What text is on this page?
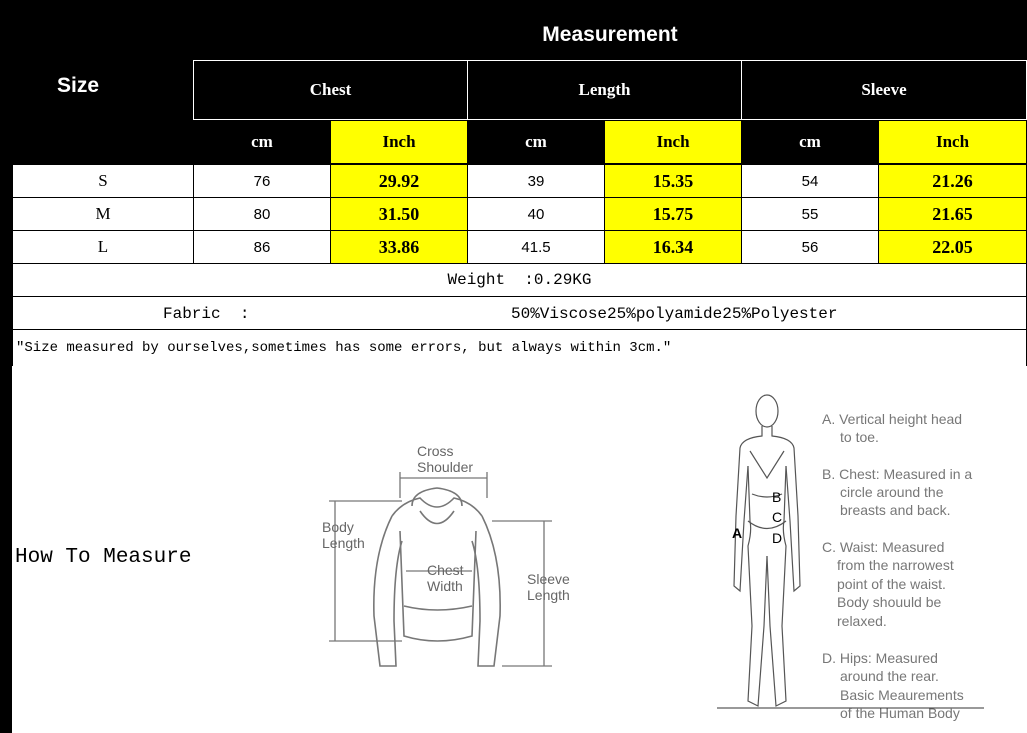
Size
Measurement
Chest	Length	Sleeve
cm	Inch	cm	Inch	cm	Inch
S	76	29.92	39	15.35	54	21.26
M	80	31.50	40	15.75	55	21.65
L	86	33.86	41.5	16.34	56	22.05
Weight  :0.29KG
Fabric  :	50%Viscose25%polyamide25%Polyester
"Size measured by ourselves,sometimes has some errors, but always within 3cm."
How To Measure
Cross
Shoulder
Body
Length
Chest
Width	Sleeve
Length
A
B
C
D
A. Vertical height head
to toe.
B. Chest: Measured in a
circle around the
breasts and back.
C. Waist: Measured
from the narrowest
point of the waist.
Body shouuld be
relaxed.
D. Hips: Measured
around the rear.
Basic Meaurements
of the Human Body
